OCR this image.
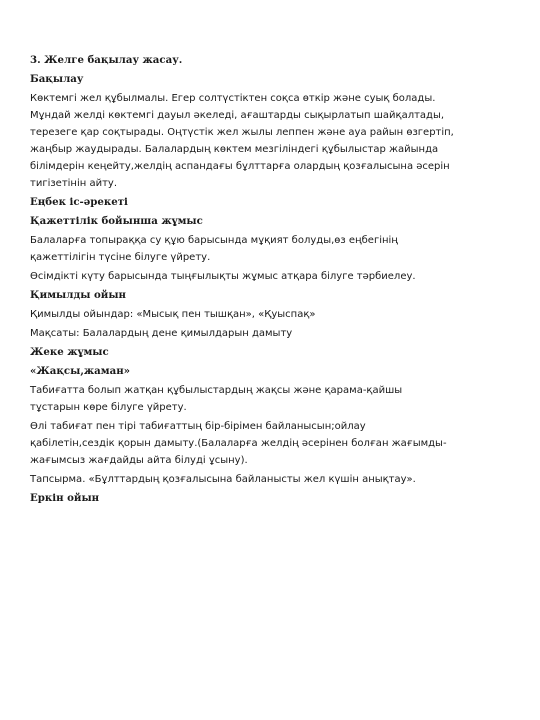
3. Желге бақылау жасау.
Бақылау
Көктемгі жел құбылмалы. Егер солтүстіктен соқса өткір және суық болады.
Мұндай желді көктемгі дауыл әкеледі, ағаштарды сықырлатып шайқалтады,
терезеге қар соқтырады. Оңтүстік жел жылы леппен және ауа райын өзгертіп,
жаңбыр жаудырады. Балалардың көктем мезгіліндегі құбылыстар жайында
білімдерін кеңейту,желдің аспандағы бұлттарға олардың қозғалысына әсерін
тигізетінін айту.
Еңбек іс-әрекеті
Қажеттілік бойынша жұмыс
Балаларға топыраққа су құю барысында мұқият болуды,өз еңбегінің
қажеттілігін түсіне білуге үйрету.
Өсімдікті күту барысында тыңғылықты жұмыс атқара білуге тәрбиелеу.
Қимылды ойын
Қимылды ойындар: «Мысық пен тышқан», «Қуыспақ»
Мақсаты: Балалардың дене қимылдарын дамыту
Жеке жұмыс
«Жақсы,жаман»
Табиғатта болып жатқан құбылыстардың жақсы және қарама-қайшы
тұстарын көре білуге үйрету.
Өлі табиғат пен тірі табиғаттың бір-бірімен байланысын;ойлау
қабілетін,сездік қорын дамыту.(Балаларға желдің әсерінен болған жағымды-
жағымсыз жағдайды айта білуді ұсыну).
Тапсырма. «Бұлттардың қозғалысына байланысты жел күшін анықтау».
Еркін ойын
